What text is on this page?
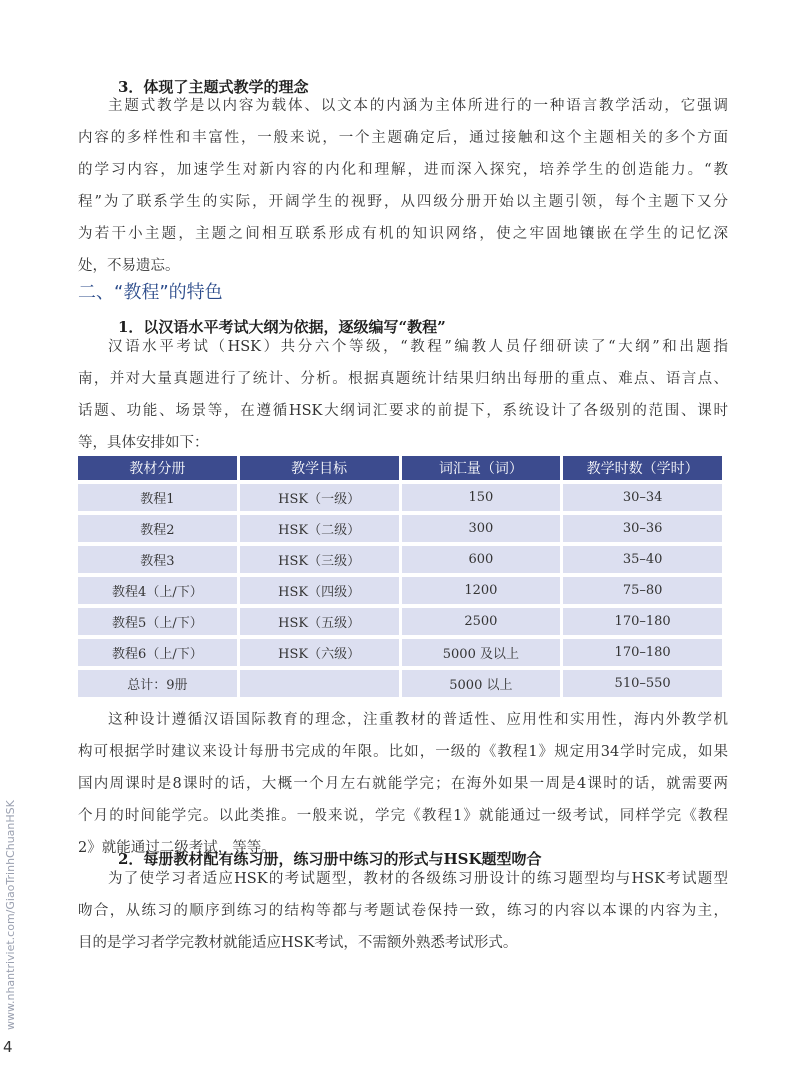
3．体现了主题式教学的理念
主题式教学是以内容为载体、以文本的内涵为主体所进行的一种语言教学活动，它强调
内容的多样性和丰富性，一般来说，一个主题确定后，通过接触和这个主题相关的多个方面
的学习内容，加速学生对新内容的内化和理解，进而深入探究，培养学生的创造能力。“教
程”为了联系学生的实际，开阔学生的视野，从四级分册开始以主题引领，每个主题下又分
为若干小主题，主题之间相互联系形成有机的知识网络，使之牢固地镶嵌在学生的记忆深
处，不易遗忘。
二、“教程”的特色
1．以汉语水平考试大纲为依据，逐级编写“教程”
汉语水平考试（HSK）共分六个等级，“教程”编教人员仔细研读了“大纲”和出题指
南，并对大量真题进行了统计、分析。根据真题统计结果归纳出每册的重点、难点、语言点、
话题、功能、场景等，在遵循HSK大纲词汇要求的前提下，系统设计了各级别的范围、课时
等，具体安排如下：
教材分册	教学目标	词汇量（词）	教学时数（学时）
教程1	HSK（一级）	150	30–34
教程2	HSK（二级）	300	30–36
教程3	HSK（三级）	600	35–40
教程4（上/下）	HSK（四级）	1200	75–80
教程5（上/下）	HSK（五级）	2500	170–180
教程6（上/下）	HSK（六级）	5000 及以上	170–180
总计：9册		5000 以上	510–550
这种设计遵循汉语国际教育的理念，注重教材的普适性、应用性和实用性，海内外教学机
构可根据学时建议来设计每册书完成的年限。比如，一级的《教程1》规定用34学时完成，如果
国内周课时是8课时的话，大概一个月左右就能学完；在海外如果一周是4课时的话，就需要两
个月的时间能学完。以此类推。一般来说，学完《教程1》就能通过一级考试，同样学完《教程
2》就能通过二级考试，等等。
2．每册教材配有练习册，练习册中练习的形式与HSK题型吻合
为了使学习者适应HSK的考试题型，教材的各级练习册设计的练习题型均与HSK考试题型
吻合，从练习的顺序到练习的结构等都与考题试卷保持一致，练习的内容以本课的内容为主，
目的是学习者学完教材就能适应HSK考试，不需额外熟悉考试形式。
www.nhantriviet.com/GiaoTrinhChuanHSK
4
